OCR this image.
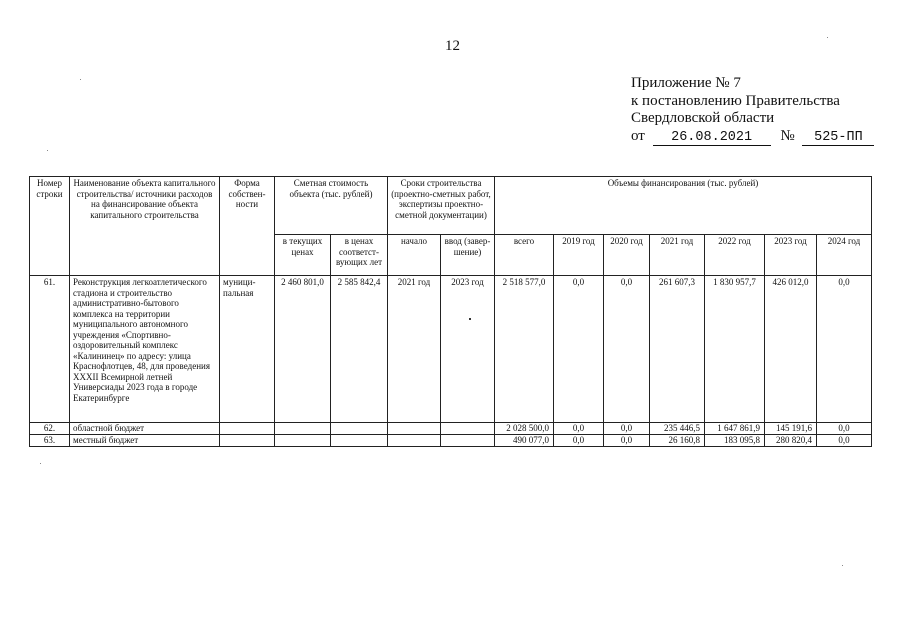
12
Приложение № 7
к постановлению Правительства
Свердловской области
от 26.08.2021 № 525-ПП
Номер строки	Наименование объекта капитального строительства/ источники расходов на финансирование объекта капитального строительства	Форма собствен-ности	Сметная стоимость объекта (тыс. рублей)		Сроки строительства (проектно-сметных работ, экспертизы проектно-сметной документации)		Объемы финансирования (тыс. рублей)						
			в текущих ценах	в ценах соответст-вующих лет	начало	ввод (завер-шение)	всего	2019 год	2020 год	2021 год	2022 год	2023 год	2024 год
61.	Реконструкция легкоатлетического стадиона и строительство административно-бытового комплекса на территории муниципального автономного учреждения «Спортивно-оздоровительный комплекс «Калининец» по адресу: улица Краснофлотцев, 48, для проведения XXXII Всемирной летней Универсиады 2023 года в городе Екатеринбурге	муници-пальная	2 460 801,0	2 585 842,4	2021 год	2023 год	2 518 577,0	0,0	0,0	261 607,3	1 830 957,7	426 012,0	0,0
62.	областной бюджет						2 028 500,0	0,0	0,0	235 446,5	1 647 861,9	145 191,6	0,0
63.	местный бюджет						490 077,0	0,0	0,0	26 160,8	183 095,8	280 820,4	0,0
